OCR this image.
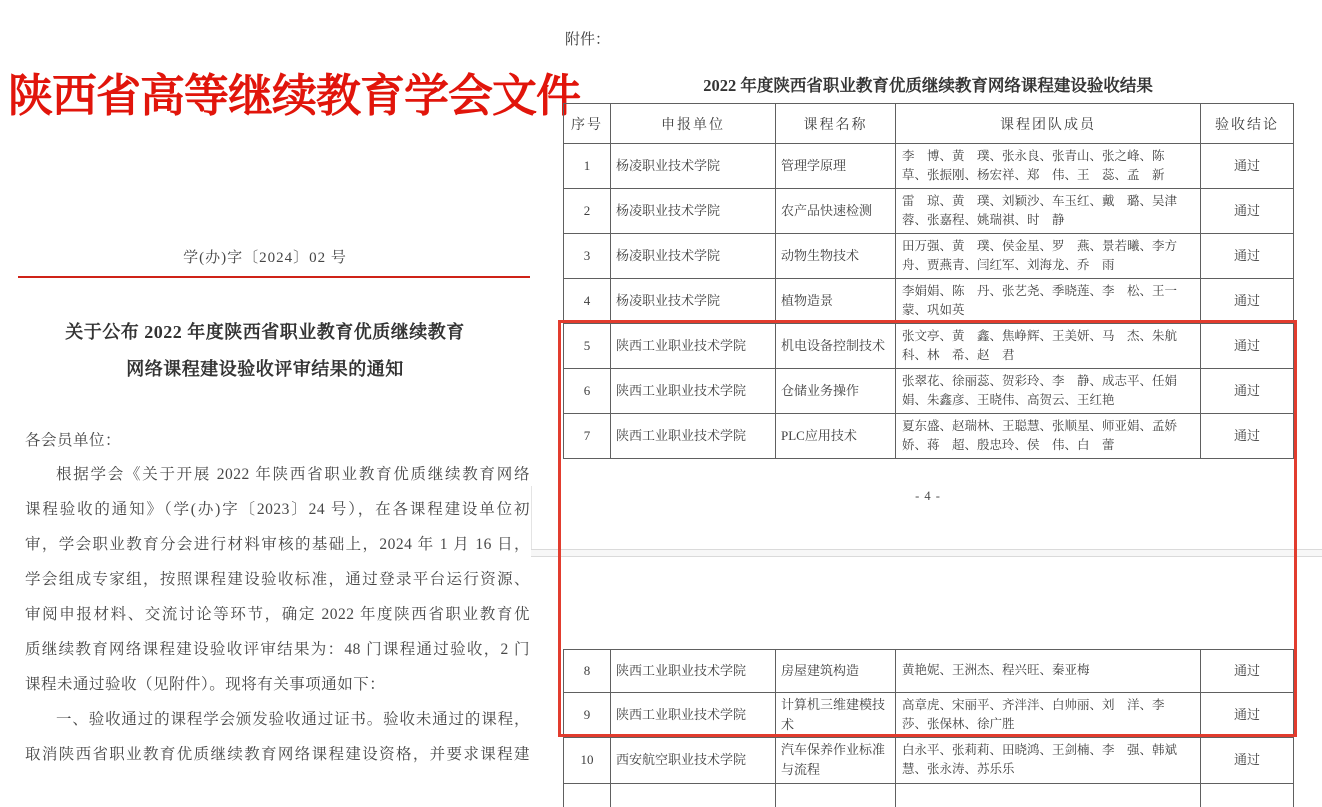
陕西省高等继续教育学会文件
学(办)字〔2024〕02 号
关于公布 2022 年度陕西省职业教育优质继续教育
网络课程建设验收评审结果的通知
各会员单位：
根据学会《关于开展 2022 年陕西省职业教育优质继续教育网络
课程验收的通知》（学(办)字〔2023〕24 号），在各课程建设单位初
审，学会职业教育分会进行材料审核的基础上，2024 年 1 月 16 日，
学会组成专家组，按照课程建设验收标准，通过登录平台运行资源、
审阅申报材料、交流讨论等环节，确定 2022 年度陕西省职业教育优
质继续教育网络课程建设验收评审结果为：48 门课程通过验收，2 门
课程未通过验收（见附件）。现将有关事项通如下：
一、验收通过的课程学会颁发验收通过证书。验收未通过的课程，
取消陕西省职业教育优质继续教育网络课程建设资格，并要求课程建
附件：
2022 年度陕西省职业教育优质继续教育网络课程建设验收结果
序号	申报单位	课程名称	课程团队成员	验收结论
1	杨凌职业技术学院	管理学原理	李　博、黄　璞、张永良、张青山、张之峰、陈　草、张振刚、杨宏祥、郑　伟、王　蕊、孟　新	通过
2	杨凌职业技术学院	农产品快速检测	雷　琼、黄　璞、刘颖沙、车玉红、戴　璐、吴津蓉、张嘉程、姚瑞祺、时　静	通过
3	杨凌职业技术学院	动物生物技术	田万强、黄　璞、侯金星、罗　燕、景若曦、李方舟、贾燕青、闫红军、刘海龙、乔　雨	通过
4	杨凌职业技术学院	植物造景	李娟娟、陈　丹、张艺尧、季晓莲、李　松、王一蒙、巩如英	通过
5	陕西工业职业技术学院	机电设备控制技术	张文亭、黄　鑫、焦峥辉、王美妍、马　杰、朱航科、林　希、赵　君	通过
6	陕西工业职业技术学院	仓储业务操作	张翠花、徐丽蕊、贺彩玲、李　静、成志平、任娟娟、朱鑫彦、王晓伟、高贺云、王红艳	通过
7	陕西工业职业技术学院	PLC应用技术	夏东盛、赵瑞林、王聪慧、张顺星、师亚娟、孟娇娇、蒋　超、殷忠玲、侯　伟、白　蕾	通过
- 4 -
8	陕西工业职业技术学院	房屋建筑构造	黄艳妮、王洲杰、程兴旺、秦亚梅	通过
9	陕西工业职业技术学院	计算机三维建模技术	高章虎、宋丽平、齐泮泮、白帅丽、刘　洋、李　莎、张保林、徐广胜	通过
10	西安航空职业技术学院	汽车保养作业标准与流程	白永平、张莉莉、田晓鸿、王剑楠、李　强、韩斌慧、张永涛、苏乐乐	通过
